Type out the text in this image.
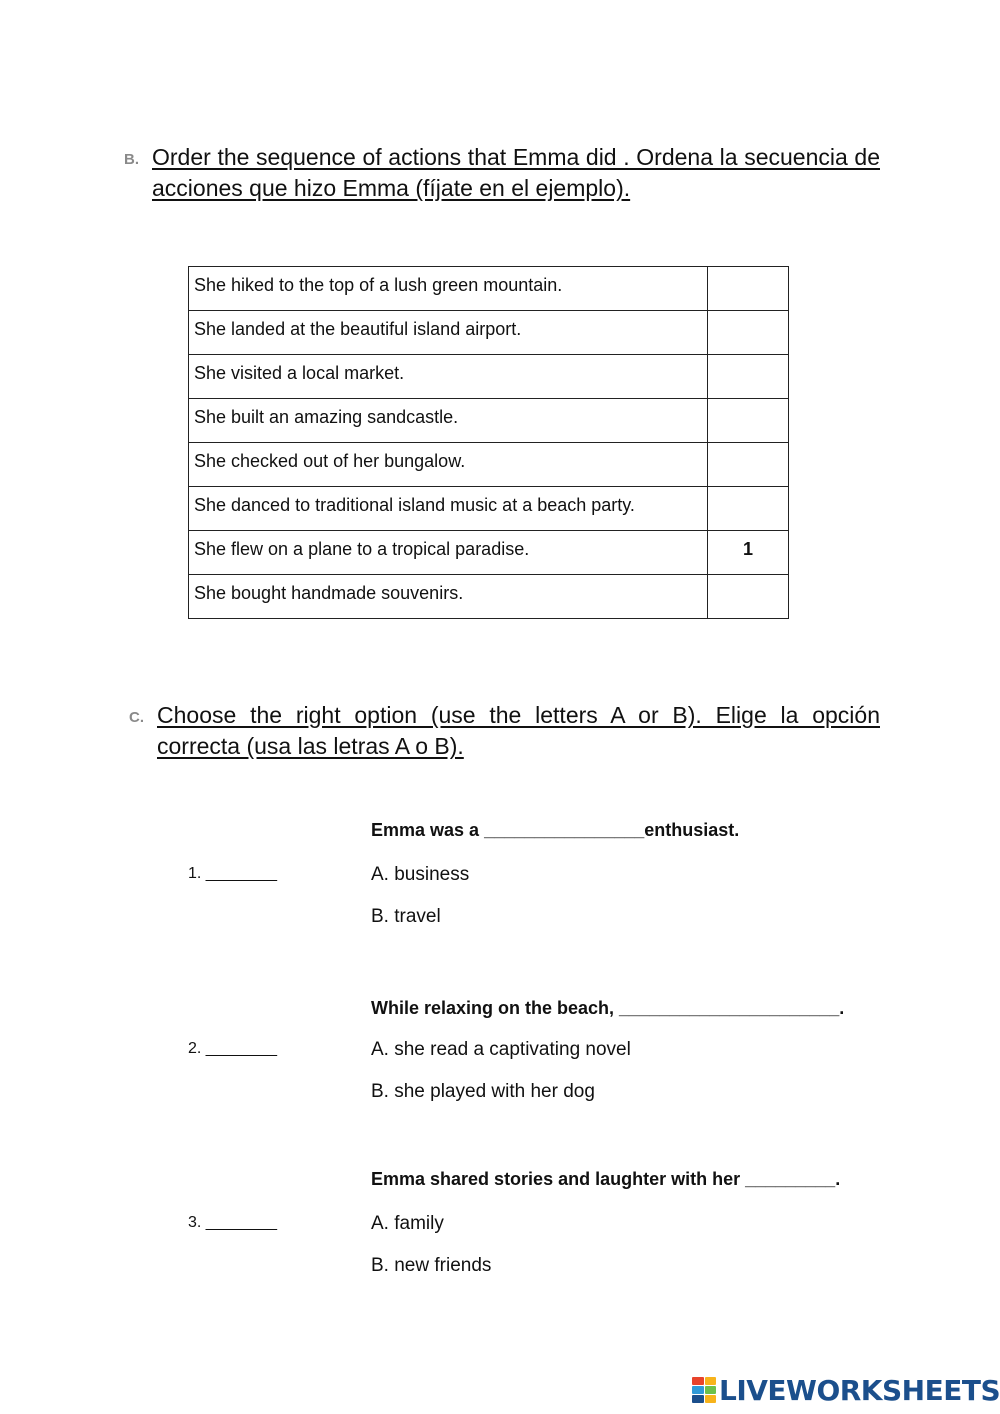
B. Order the sequence of actions that Emma did . Ordena la secuencia de acciones que hizo Emma (fíjate en el ejemplo).
She hiked to the top of a lush green mountain.	
She landed at the beautiful island airport.	
She visited a local market.	
She built an amazing sandcastle.	
She checked out of her bungalow.	
She danced to traditional island music at a beach party.	
She flew on a plane to a tropical paradise.	1
She bought handmade souvenirs.	
C. Choose the right option (use the letters A or B). Elige la opción correcta (usa las letras A o B).
Emma was a ________________enthusiast.
1. ________	A. business
B. travel
While relaxing on the beach, ______________________.
2. ________	A. she read a captivating novel
B. she played with her dog
Emma shared stories and laughter with her _________.
3. ________	A. family
B. new friends
LIVEWORKSHEETS
